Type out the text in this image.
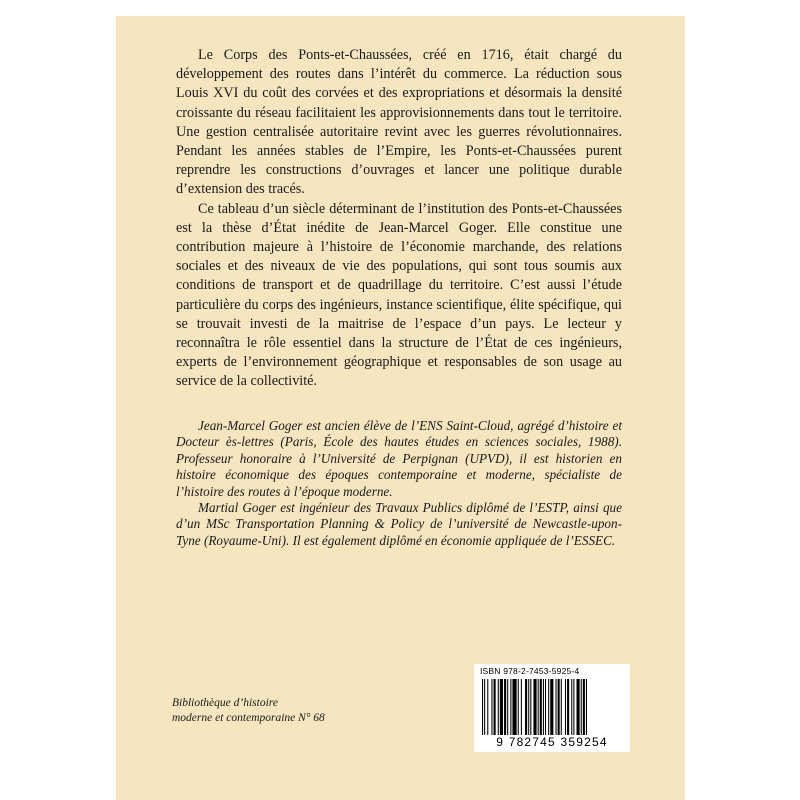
Le Corps des Ponts-et-Chaussées, créé en 1716, était chargé du développement des routes dans l’intérêt du commerce. La réduction sous Louis XVI du coût des corvées et des expropriations et désormais la densité croissante du réseau facilitaient les approvisionnements dans tout le territoire. Une gestion centralisée autoritaire revint avec les guerres révolutionnaires. Pendant les années stables de l’Empire, les Ponts-et-Chaussées purent reprendre les constructions d’ouvrages et lancer une politique durable d’extension des tracés.

Ce tableau d’un siècle déterminant de l’institution des Ponts-et-Chaussées est la thèse d’État inédite de Jean-Marcel Goger. Elle constitue une contribution majeure à l’histoire de l’économie marchande, des relations sociales et des niveaux de vie des populations, qui sont tous soumis aux conditions de transport et de quadrillage du territoire. C’est aussi l’étude particulière du corps des ingénieurs, instance scientifique, élite spécifique, qui se trouvait investi de la maitrise de l’espace d’un pays. Le lecteur y reconnaîtra le rôle essentiel dans la structure de l’État de ces ingénieurs, experts de l’environnement géographique et responsables de son usage au service de la collectivité.

Jean-Marcel Goger est ancien élève de l’ENS Saint-Cloud, agrégé d’histoire et Docteur ès-lettres (Paris, École des hautes études en sciences sociales, 1988). Professeur honoraire à l’Université de Perpignan (UPVD), il est historien en histoire économique des époques contemporaine et moderne, spécialiste de l’histoire des routes à l’époque moderne.

Martial Goger est ingénieur des Travaux Publics diplômé de l’ESTP, ainsi que d’un MSc Transportation Planning & Policy de l’université de Newcastle-upon-Tyne (Royaume-Uni). Il est également diplômé en économie appliquée de l’ESSEC.

Bibliothèque d’histoire
moderne et contemporaine N° 68
ISBN 978-2-7453-5925-4
9 782745 359254
